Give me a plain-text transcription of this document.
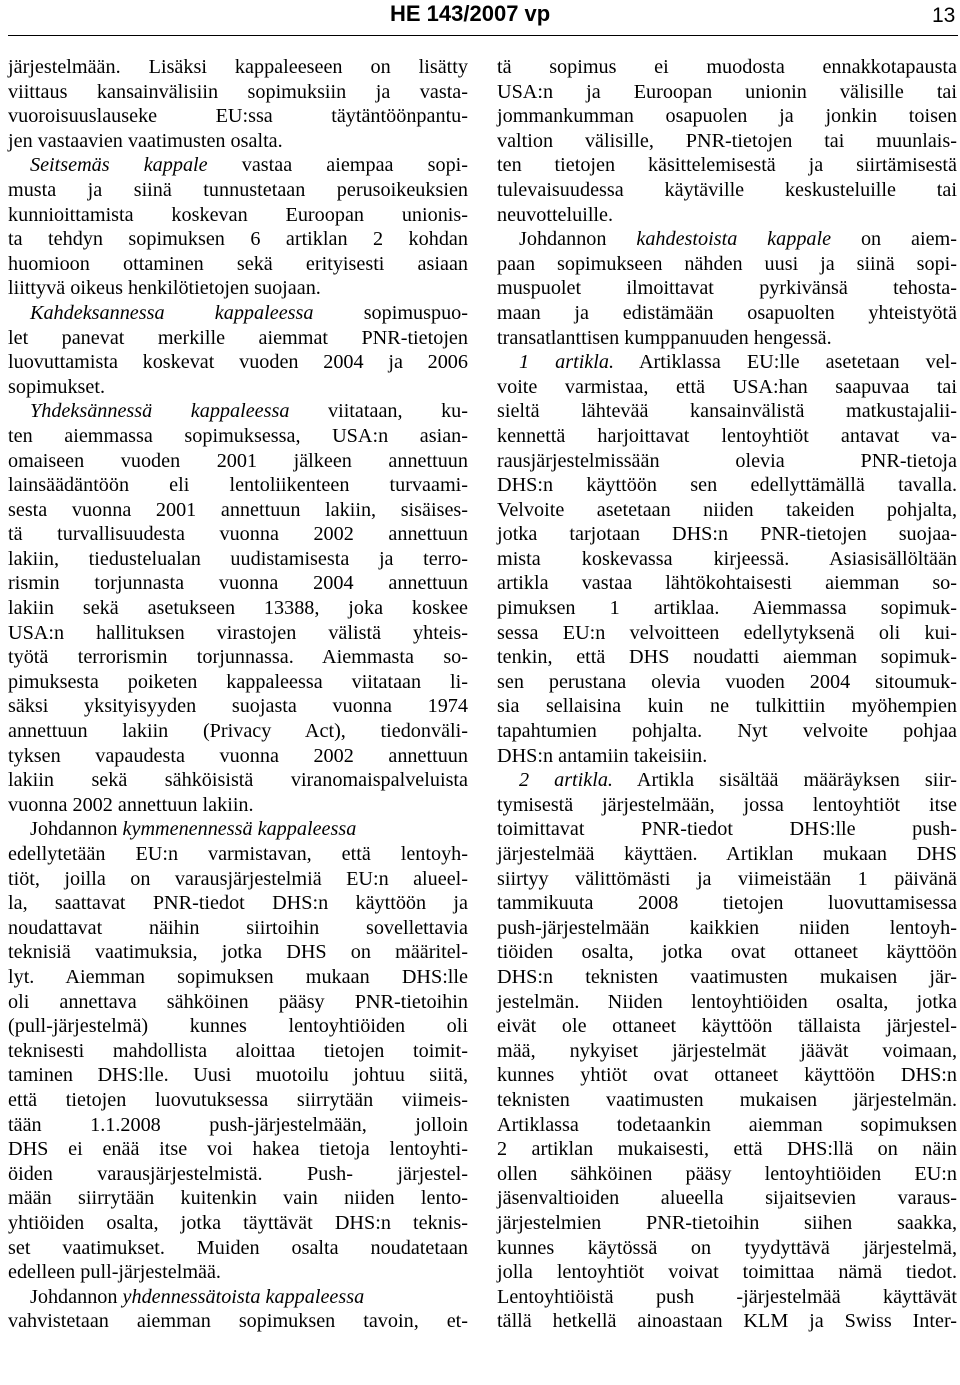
HE 143/2007 vp	13
järjestelmään. Lisäksi kappaleeseen on lisätty
viittaus kansainvälisiin sopimuksiin ja vasta-
vuoroisuuslauseke EU:ssa täytäntöönpantu-
jen vastaavien vaatimusten osalta.
Seitsemäs kappale vastaa aiempaa sopi-
musta ja siinä tunnustetaan perusoikeuksien
kunnioittamista koskevan Euroopan unionis-
ta tehdyn sopimuksen 6 artiklan 2 kohdan
huomioon ottaminen sekä erityisesti asiaan
liittyvä oikeus henkilötietojen suojaan.
Kahdeksannessa kappaleessa sopimuspuo-
let panevat merkille aiemmat PNR-tietojen
luovuttamista koskevat vuoden 2004 ja 2006
sopimukset.
Yhdeksännessä kappaleessa viitataan, ku-
ten aiemmassa sopimuksessa, USA:n asian-
omaiseen vuoden 2001 jälkeen annettuun
lainsäädäntöön eli lentoliikenteen turvaami-
sesta vuonna 2001 annettuun lakiin, sisäises-
tä turvallisuudesta vuonna 2002 annettuun
lakiin, tiedustelualan uudistamisesta ja terro-
rismin torjunnasta vuonna 2004 annettuun
lakiin sekä asetukseen 13388, joka koskee
USA:n hallituksen virastojen välistä yhteis-
työtä terrorismin torjunnassa. Aiemmasta so-
pimuksesta poiketen kappaleessa viitataan li-
säksi yksityisyyden suojasta vuonna 1974
annettuun lakiin (Privacy Act), tiedonväli-
tyksen vapaudesta vuonna 2002 annettuun
lakiin sekä sähköisistä viranomaispalveluista
vuonna 2002 annettuun lakiin.
Johdannon kymmenennessä kappaleessa
edellytetään EU:n varmistavan, että lentoyh-
tiöt, joilla on varausjärjestelmiä EU:n alueel-
la, saattavat PNR-tiedot DHS:n käyttöön ja
noudattavat näihin siirtoihin sovellettavia
teknisiä vaatimuksia, jotka DHS on määritel-
lyt. Aiemman sopimuksen mukaan DHS:lle
oli annettava sähköinen pääsy PNR-tietoihin
(pull-järjestelmä) kunnes lentoyhtiöiden oli
teknisesti mahdollista aloittaa tietojen toimit-
taminen DHS:lle. Uusi muotoilu johtuu siitä,
että tietojen luovutuksessa siirrytään viimeis-
tään 1.1.2008 push-järjestelmään, jolloin
DHS ei enää itse voi hakea tietoja lentoyhti-
öiden varausjärjestelmistä. Push- järjestel-
mään siirrytään kuitenkin vain niiden lento-
yhtiöiden osalta, jotka täyttävät DHS:n teknis-
set vaatimukset. Muiden osalta noudatetaan
edelleen pull-järjestelmää.
Johdannon yhdennessätoista kappaleessa
vahvistetaan aiemman sopimuksen tavoin, et-
tä sopimus ei muodosta ennakkotapausta
USA:n ja Euroopan unionin välisille tai
jommankumman osapuolen ja jonkin toisen
valtion välisille, PNR-tietojen tai muunlais-
ten tietojen käsittelemisestä ja siirtämisestä
tulevaisuudessa käytäville keskusteluille tai
neuvotteluille.
Johdannon kahdestoista kappale on aiem-
paan sopimukseen nähden uusi ja siinä sopi-
muspuolet ilmoittavat pyrkivänsä tehosta-
maan ja edistämään osapuolten yhteistyötä
transatlanttisen kumppanuuden hengessä.
1 artikla. Artiklassa EU:lle asetetaan vel-
voite varmistaa, että USA:han saapuvaa tai
sieltä lähtevää kansainvälistä matkustajalii-
kennettä harjoittavat lentoyhtiöt antavat va-
rausjärjestelmissään olevia PNR-tietoja
DHS:n käyttöön sen edellyttämällä tavalla.
Velvoite asetetaan niiden takeiden pohjalta,
jotka tarjotaan DHS:n PNR-tietojen suojaa-
mista koskevassa kirjeessä. Asiasisällöltään
artikla vastaa lähtökohtaisesti aiemman so-
pimuksen 1 artiklaa. Aiemmassa sopimuk-
sessa EU:n velvoitteen edellytyksenä oli kui-
tenkin, että DHS noudatti aiemman sopimuk-
sen perustana olevia vuoden 2004 sitoumuk-
sia sellaisina kuin ne tulkittiin myöhempien
tapahtumien pohjalta. Nyt velvoite pohjaa
DHS:n antamiin takeisiin.
2 artikla. Artikla sisältää määräyksen siir-
tymisestä järjestelmään, jossa lentoyhtiöt itse
toimittavat PNR-tiedot DHS:lle push-
järjestelmää käyttäen. Artiklan mukaan DHS
siirtyy välittömästi ja viimeistään 1 päivänä
tammikuuta 2008 tietojen luovuttamisessa
push-järjestelmään kaikkien niiden lentoyh-
tiöiden osalta, jotka ovat ottaneet käyttöön
DHS:n teknisten vaatimusten mukaisen jär-
jestelmän. Niiden lentoyhtiöiden osalta, jotka
eivät ole ottaneet käyttöön tällaista järjestel-
mää, nykyiset järjestelmät jäävät voimaan,
kunnes yhtiöt ovat ottaneet käyttöön DHS:n
teknisten vaatimusten mukaisen järjestelmän.
Artiklassa todetaankin aiemman sopimuksen
2 artiklan mukaisesti, että DHS:llä on näin
ollen sähköinen pääsy lentoyhtiöiden EU:n
jäsenvaltioiden alueella sijaitsevien varaus-
järjestelmien PNR-tietoihin siihen saakka,
kunnes käytössä on tyydyttävä järjestelmä,
jolla lentoyhtiöt voivat toimittaa nämä tiedot.
Lentoyhtiöistä push -järjestelmää käyttävät
tällä hetkellä ainoastaan KLM ja Swiss Inter-
